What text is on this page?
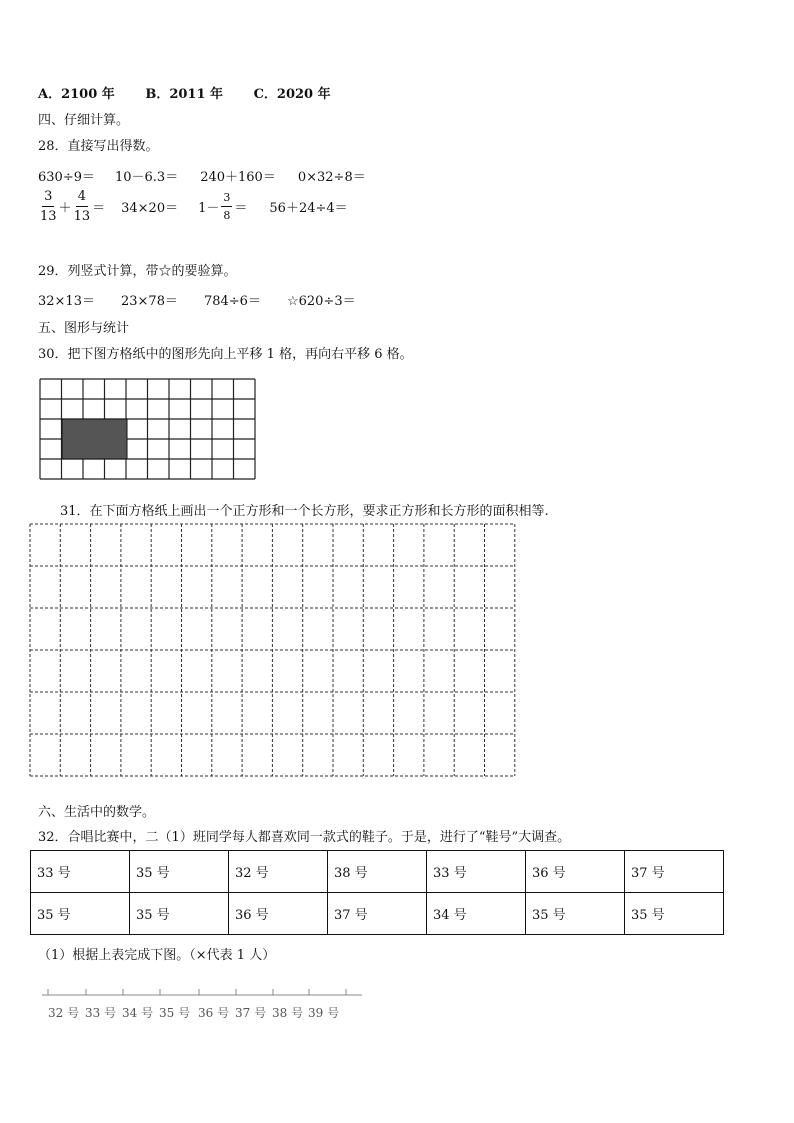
A．2100 年 B．2011 年 C．2020 年
四、仔细计算。
28．直接写出得数。
630÷9＝ 10－6.3＝ 240＋160＝ 0×32÷8＝
$\frac{3}{13} + \frac{4}{13} = 34\times 20= 1- \frac{3}{8} = 56+24\div 4=$
29．列竖式计算，带☆的要验算。
32×13＝ 23×78＝ 784÷6＝ ☆620÷3＝
五、图形与统计
30．把下图方格纸中的图形先向上平移 1 格，再向右平移 6 格。
31．在下面方格纸上画出一个正方形和一个长方形，要求正方形和长方形的面积相等.
六、生活中的数学。
32．合唱比赛中，二（1）班同学每人都喜欢同一款式的鞋子。于是，进行了“鞋号”大调查。
33 号	35 号	32 号	38 号	33 号	36 号	37 号
35 号	35 号	36 号	37 号	34 号	35 号	35 号
（1）根据上表完成下图。（×代表 1 人）
32 号 33 号 34 号 35 号 36 号 37 号 38 号 39 号
